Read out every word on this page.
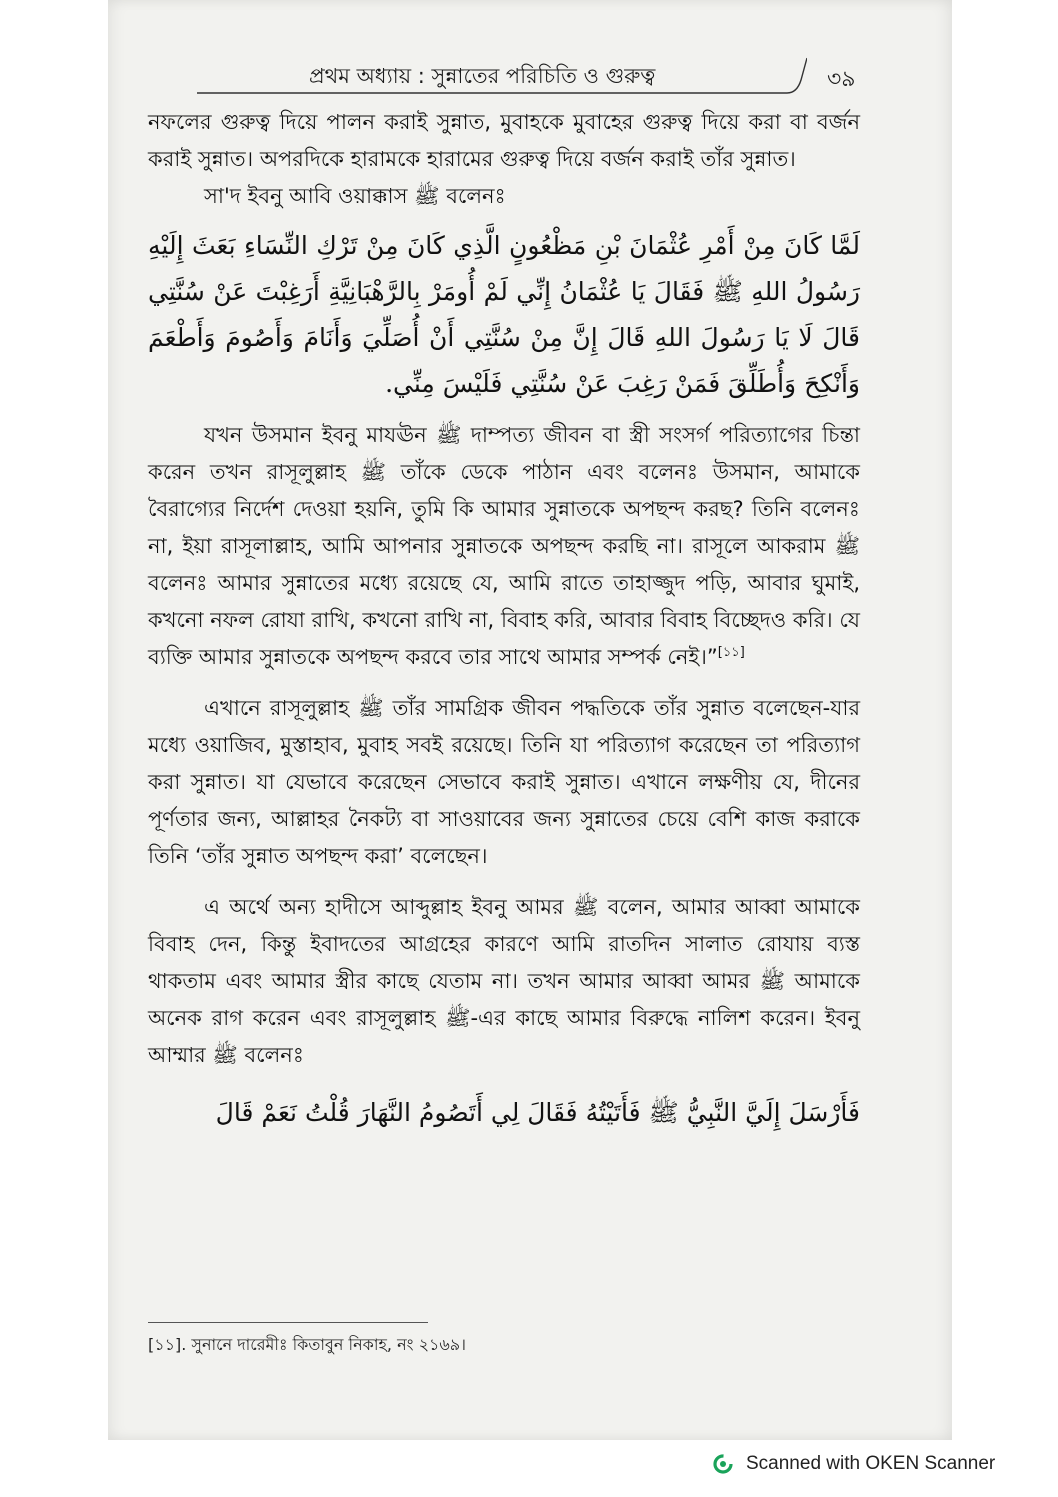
প্রথম অধ্যায় : সুন্নাতের পরিচিতি ও গুরুত্ব	৩৯

নফলের গুরুত্ব দিয়ে পালন করাই সুন্নাত, মুবাহকে মুবাহের গুরুত্ব দিয়ে করা বা বর্জন করাই সুন্নাত। অপরদিকে হারামকে হারামের গুরুত্ব দিয়ে বর্জন করাই তাঁর সুন্নাত।

সা'দ ইবনু আবি ওয়াক্কাস ﷺ বলেনঃ

لَمَّا كَانَ مِنْ أَمْرِ عُثْمَانَ بْنِ مَظْعُونٍ الَّذِي كَانَ مِنْ تَرْكِ النِّسَاءِ بَعَثَ إِلَيْهِ رَسُولُ اللهِ ﷺ فَقَالَ يَا عُثْمَانُ إِنِّي لَمْ أُومَرْ بِالرَّهْبَانِيَّةِ أَرَغِبْتَ عَنْ سُنَّتِي قَالَ لَا يَا رَسُولَ اللهِ قَالَ إِنَّ مِنْ سُنَّتِي أَنْ أُصَلِّيَ وَأَنَامَ وَأَصُومَ وَأَطْعَمَ وَأَنْكِحَ وَأُطَلِّقَ فَمَنْ رَغِبَ عَنْ سُنَّتِي فَلَيْسَ مِنِّي.

যখন উসমান ইবনু মাযঊন ﷺ দাম্পত্য জীবন বা স্ত্রী সংসর্গ পরিত্যাগের চিন্তা করেন তখন রাসূলুল্লাহ ﷺ তাঁকে ডেকে পাঠান এবং বলেনঃ উসমান, আমাকে বৈরাগ্যের নির্দেশ দেওয়া হয়নি, তুমি কি আমার সুন্নাতকে অপছন্দ করছ? তিনি বলেনঃ না, ইয়া রাসূলাল্লাহ, আমি আপনার সুন্নাতকে অপছন্দ করছি না। রাসূলে আকরাম ﷺ বলেনঃ আমার সুন্নাতের মধ্যে রয়েছে যে, আমি রাতে তাহাজ্জুদ পড়ি, আবার ঘুমাই, কখনো নফল রোযা রাখি, কখনো রাখি না, বিবাহ করি, আবার বিবাহ বিচ্ছেদও করি। যে ব্যক্তি আমার সুন্নাতকে অপছন্দ করবে তার সাথে আমার সম্পর্ক নেই।”[১১]

এখানে রাসূলুল্লাহ ﷺ তাঁর সামগ্রিক জীবন পদ্ধতিকে তাঁর সুন্নাত বলেছেন-যার মধ্যে ওয়াজিব, মুস্তাহাব, মুবাহ সবই রয়েছে। তিনি যা পরিত্যাগ করেছেন তা পরিত্যাগ করা সুন্নাত। যা যেভাবে করেছেন সেভাবে করাই সুন্নাত। এখানে লক্ষণীয় যে, দীনের পূর্ণতার জন্য, আল্লাহর নৈকট্য বা সাওয়াবের জন্য সুন্নাতের চেয়ে বেশি কাজ করাকে তিনি ‘তাঁর সুন্নাত অপছন্দ করা’ বলেছেন।

এ অর্থে অন্য হাদীসে আব্দুল্লাহ ইবনু আমর ﷺ বলেন, আমার আব্বা আমাকে বিবাহ দেন, কিন্তু ইবাদতের আগ্রহের কারণে আমি রাতদিন সালাত রোযায় ব্যস্ত থাকতাম এবং আমার স্ত্রীর কাছে যেতাম না। তখন আমার আব্বা আমর ﷺ আমাকে অনেক রাগ করেন এবং রাসূলুল্লাহ ﷺ-এর কাছে আমার বিরুদ্ধে নালিশ করেন। ইবনু আম্মার ﷺ বলেনঃ

فَأَرْسَلَ إِلَيَّ النَّبِيُّ ﷺ فَأَتَيْتُهُ فَقَالَ لِي أَتَصُومُ النَّهَارَ قُلْتُ نَعَمْ قَالَ

[১১]. সুনানে দারেমীঃ কিতাবুন নিকাহ, নং ২১৬৯।
Scanned with OKEN Scanner
